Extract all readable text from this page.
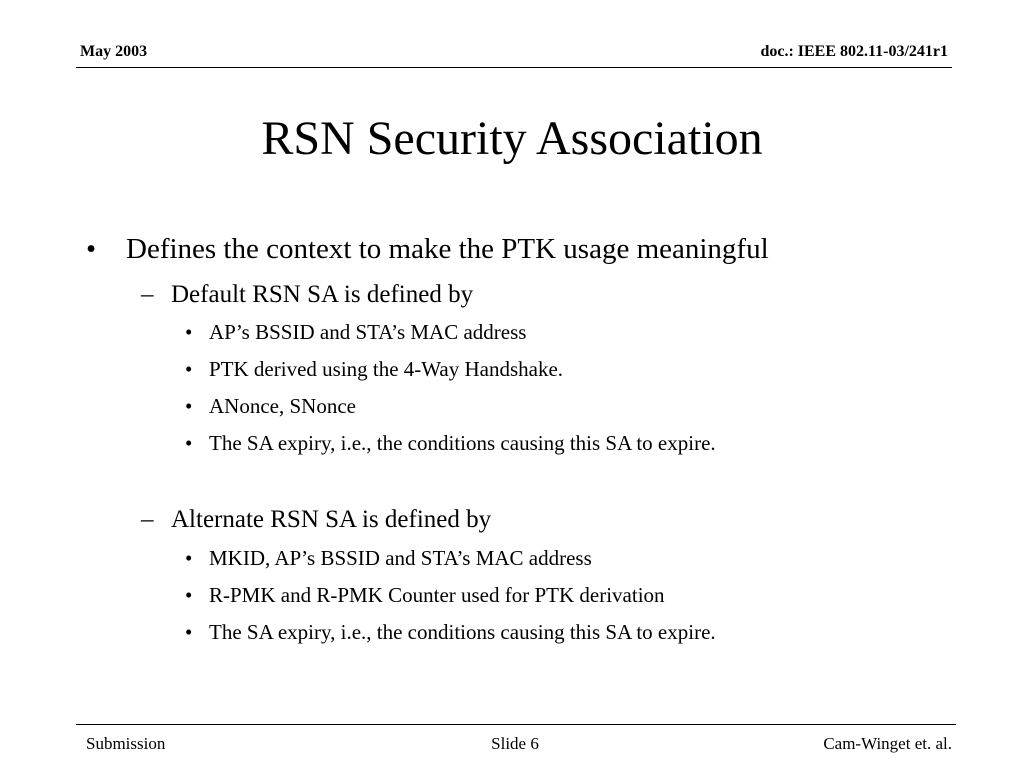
May 2003	doc.: IEEE 802.11-03/241r1
RSN Security Association
• Defines the context to make the PTK usage meaningful
– Default RSN SA is defined by
• AP’s BSSID and STA’s MAC address
• PTK derived using the 4-Way Handshake.
• ANonce, SNonce
• The SA expiry, i.e., the conditions causing this SA to expire.
– Alternate RSN SA is defined by
• MKID, AP’s BSSID and STA’s MAC address
• R-PMK and R-PMK Counter used for PTK derivation
• The SA expiry, i.e., the conditions causing this SA to expire.
Submission	Slide 6	Cam-Winget et. al.
